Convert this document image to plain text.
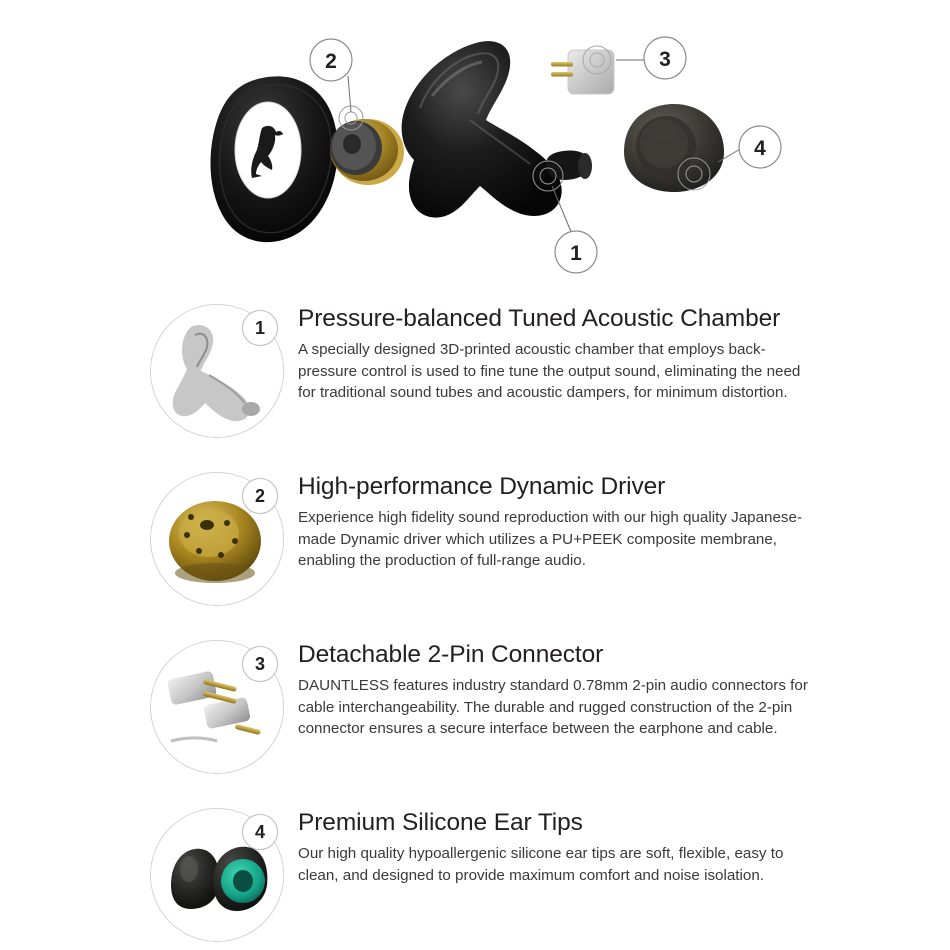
2	3
4
1
1	Pressure-balanced Tuned Acoustic Chamber

A specially designed 3D-printed acoustic chamber that employs back-pressure control is used to fine tune the output sound, eliminating the need for traditional sound tubes and acoustic dampers, for minimum distortion.

2	High-performance Dynamic Driver

Experience high fidelity sound reproduction with our high quality Japanese-made Dynamic driver which utilizes a PU+PEEK composite membrane, enabling the production of full-range audio.

3	Detachable 2-Pin Connector

DAUNTLESS features industry standard 0.78mm 2-pin audio connectors for cable interchangeability. The durable and rugged construction of the 2-pin connector ensures a secure interface between the earphone and cable.

4	Premium Silicone Ear Tips

Our high quality hypoallergenic silicone ear tips are soft, flexible, easy to clean, and designed to provide maximum comfort and noise isolation.
